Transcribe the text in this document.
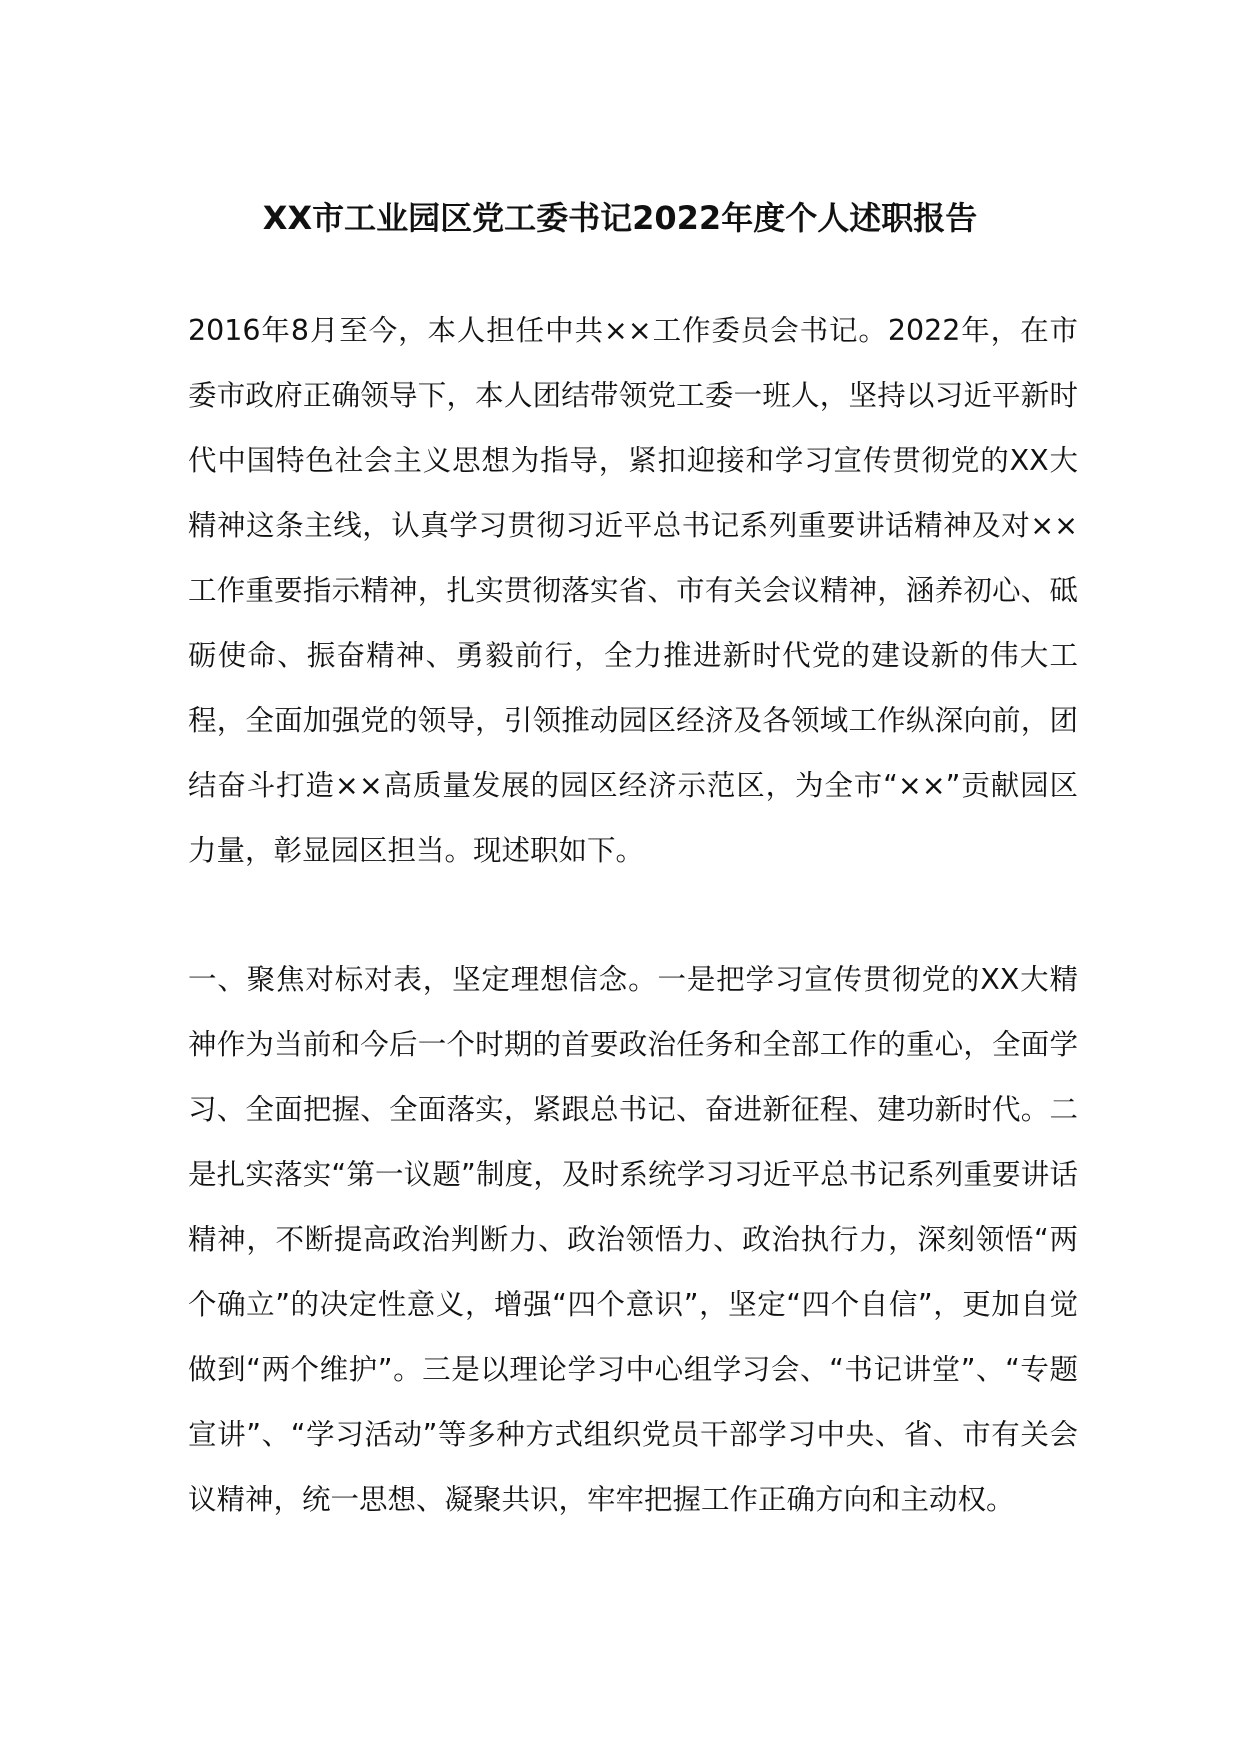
XX市工业园区党工委书记2022年度个人述职报告

2016年8月至今，本人担任中共××工作委员会书记。2022年，在市委市政府正确领导下，本人团结带领党工委一班人，坚持以习近平新时代中国特色社会主义思想为指导，紧扣迎接和学习宣传贯彻党的XX大精神这条主线，认真学习贯彻习近平总书记系列重要讲话精神及对××工作重要指示精神，扎实贯彻落实省、市有关会议精神，涵养初心、砥砺使命、振奋精神、勇毅前行，全力推进新时代党的建设新的伟大工程，全面加强党的领导，引领推动园区经济及各领域工作纵深向前，团结奋斗打造××高质量发展的园区经济示范区，为全市“××”贡献园区力量，彰显园区担当。现述职如下。

一、聚焦对标对表，坚定理想信念。一是把学习宣传贯彻党的XX大精神作为当前和今后一个时期的首要政治任务和全部工作的重心，全面学习、全面把握、全面落实，紧跟总书记、奋进新征程、建功新时代。二是扎实落实“第一议题”制度，及时系统学习习近平总书记系列重要讲话精神，不断提高政治判断力、政治领悟力、政治执行力，深刻领悟“两个确立”的决定性意义，增强“四个意识”，坚定“四个自信”，更加自觉做到“两个维护”。三是以理论学习中心组学习会、“书记讲堂”、“专题宣讲”、“学习活动”等多种方式组织党员干部学习中央、省、市有关会议精神，统一思想、凝聚共识，牢牢把握工作正确方向和主动权。
